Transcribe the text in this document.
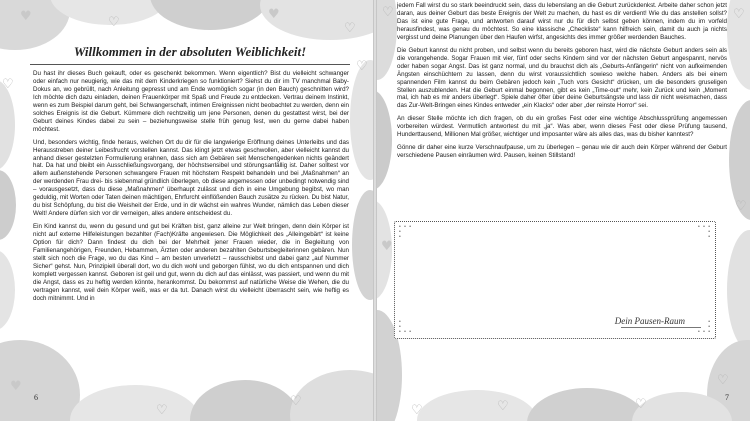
♥	♡
♥
♡
♡
♡
♥
♡
♡
Willkommen in der absoluten Weiblichkeit!

Du hast ihr dieses Buch gekauft, oder es geschenkt bekommen. Wenn eigentlich? Bist du vielleicht schwanger oder einfach nur neugierig, wie das mit dem Kinderkriegen so funktioniert? Siehst du dir im TV manchmal Baby-Dokus an, wo gebrüllt, nach Anleitung gepresst und am Ende womöglich sogar (in den Bauch) geschnitten wird? Ich möchte dich dazu einladen, deinen Frauenkörper mit Spaß und Freude zu entdecken. Vertrau deinem Instinkt, wenn es zum Beispiel darum geht, bei Schwangerschaft, intimen Ereignissen nicht beobachtet zu werden, denn ein solches Ereignis ist die Geburt. Kümmere dich rechtzeitig um jene Personen, denen du gestattest wirst, bei der Geburt deines Kindes dabei zu sein – beziehungsweise stelle früh genug fest, wen du gerne dabei haben möchtest.

Und, besonders wichtig, finde heraus, welchen Ort du dir für die langwierige Eröffnung deines Unterleibs und das Herausstreben deiner Leibesfrucht vorstellen kannst. Das klingt jetzt etwas geschwollen, aber vielleicht kannst du anhand dieser gestelzten Formulierung erahnen, dass sich am Gebären seit Menschengedenken nichts geändert hat. Da hat und bleibt ein Ausschließungsvorgang, der höchstsensibel und störungsanfällig ist. Daher solltest vor allem außenstehende Personen schwangere Frauen mit höchstem Respekt behandeln und bei „Maßnahmen“ an der werdenden Frau drei- bis siebenmal gründlich überlegen, ob diese angemessen oder unbedingt notwendig sind – vorausgesetzt, dass du diese „Maßnahmen“ überhaupt zulässt und dich in eine Umgebung begibst, wo man geduldig, mit Worten oder Taten deinen mächtigen, Ehrfurcht einflößenden Bauch zusätze zu rücken. Du bist Natur, du bist Schöpfung, du bist die Weisheit der Erde, und in dir wächst ein wahres Wunder, nämlich das Leben dieser Welt! Andere dürfen sich vor dir verneigen, alles andere entscheidest du.

Ein Kind kannst du, wenn du gesund und gut bei Kräften bist, ganz alleine zur Welt bringen, denn dein Körper ist nicht auf externe Hilfeleistungen bezahlter (Fach)Kräfte angewiesen. Die Möglichkeit des „Alleingebärt“ ist keine Option für dich? Dann findest du dich bei der Mehrheit jener Frauen wieder, die in Begleitung von Familienangehörigen, Freunden, Hebammen, Ärzten oder anderen bezahlten Geburtsbegleiterinnen gebären. Nun stellt sich noch die Frage, wo du das Kind – am besten unverletzt – rausschiebst und dabei ganz „auf Nummer Sicher“ gehst. Nun, Prinzipiell überall dort, wo du dich wohl und geborgen fühlst, wo du dich entspannen und dich komplett vergessen kannst. Geboren ist geil und gut, wenn du dich auf das einlässt, was passiert, und wenn du mit die Angst, dass es zu heftig werden könnte, herankommst. Du bekommst auf natürliche Weise die Wehen, die du vertragen kannst, weil dein Körper weiß, was er da tut. Danach wirst du vielleicht überrascht sein, wie heftig es doch mitnimmt. Und in

6
♡	♡
♡
♥
♡
♡	♡	♡

jedem Fall wirst du so stark beeindruckt sein, dass du lebenslang an die Geburt zurückdenkst. Arbeite daher schon jetzt daran, aus deiner Geburt das beste Ereignis der Welt zu machen, du hast es dir verdient! Wie du das anstellen sollst? Das ist eine gute Frage, und antworten darauf wirst nur du für dich selbst geben können, indem du im vorfeld herausfindest, was genau du möchtest. So eine klassische „Checkliste“ kann hilfreich sein, damit du auch ja nichts vergisst und deine Planungen über den Haufen wirfst, angesichts des immer größer werdenden Bauches.

Die Geburt kannst du nicht proben, und selbst wenn du bereits geboren hast, wird die nächste Geburt anders sein als die vorangehende. Sogar Frauen mit vier, fünf oder sechs Kindern sind vor der nächsten Geburt angespannt, nervös oder haben sogar Angst. Das ist ganz normal, und du brauchst dich als „Geburts-Anfängerin“ nicht von aufkeimenden Ängsten einschüchtern zu lassen, denn du wirst voraussichtlich sowieso welche haben. Anders als bei einem spannenden Film kannst du beim Gebären jedoch kein „Tuch vors Gesicht“ drücken, um die besonders gruseligen Stellen auszublenden. Hat die Geburt einmal begonnen, gibt es kein „Time-out“ mehr, kein Zurück und kein „Moment mal, ich hab es mir anders überlegt“. Spiele daher öfter über deine Geburtsängste und lass dir nicht weismachen, dass das Zur-Welt-Bringen eines Kindes entweder „ein Klacks“ oder aber „der reinste Horror“ sei.

An dieser Stelle möchte ich dich fragen, ob du ein großes Fest oder eine wichtige Abschlussprüfung angemessen vorbereiten würdest. Vermutlich antwortest du mit „ja“. Was aber, wenn dieses Fest oder diese Prüfung tausend, Hunderttausend, Millionen Mal größer, wichtiger und imposanter wäre als alles das, was du bisher kanntest?

Gönne dir daher eine kurze Verschnaufpause, um zu überlegen – genau wie dir auch dein Körper während der Geburt verschiedene Pausen einräumen wird. Pausen, keinen Stillstand!

• • •
•
•
• • •
•
•
•
•
• • •
•
•
• • •
Dein Pausen-Raum
7
